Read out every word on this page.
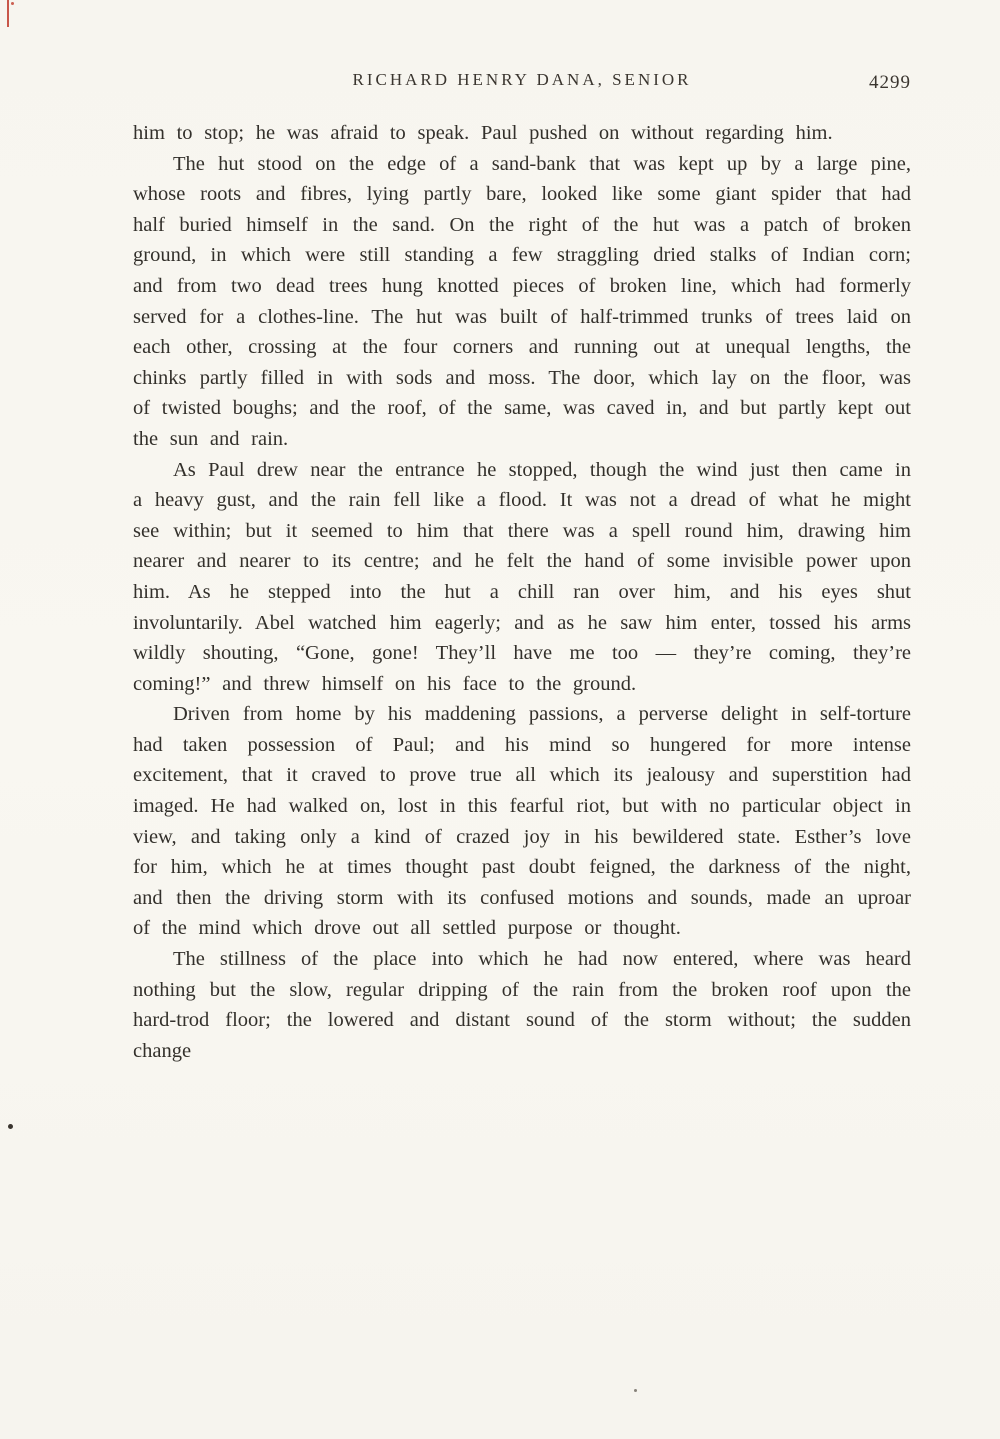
RICHARD HENRY DANA, SENIOR	4299

him to stop; he was afraid to speak. Paul pushed on without regarding him.

The hut stood on the edge of a sand-bank that was kept up by a large pine, whose roots and fibres, lying partly bare, looked like some giant spider that had half buried himself in the sand. On the right of the hut was a patch of broken ground, in which were still standing a few straggling dried stalks of Indian corn; and from two dead trees hung knotted pieces of broken line, which had formerly served for a clothes-line. The hut was built of half-trimmed trunks of trees laid on each other, crossing at the four corners and running out at unequal lengths, the chinks partly filled in with sods and moss. The door, which lay on the floor, was of twisted boughs; and the roof, of the same, was caved in, and but partly kept out the sun and rain.

As Paul drew near the entrance he stopped, though the wind just then came in a heavy gust, and the rain fell like a flood. It was not a dread of what he might see within; but it seemed to him that there was a spell round him, drawing him nearer and nearer to its centre; and he felt the hand of some invisible power upon him. As he stepped into the hut a chill ran over him, and his eyes shut involuntarily. Abel watched him eagerly; and as he saw him enter, tossed his arms wildly shouting, “Gone, gone! They’ll have me too — they’re coming, they’re coming!” and threw himself on his face to the ground.

Driven from home by his maddening passions, a perverse delight in self-torture had taken possession of Paul; and his mind so hungered for more intense excitement, that it craved to prove true all which its jealousy and superstition had imaged. He had walked on, lost in this fearful riot, but with no particular object in view, and taking only a kind of crazed joy in his bewildered state. Esther’s love for him, which he at times thought past doubt feigned, the darkness of the night, and then the driving storm with its confused motions and sounds, made an uproar of the mind which drove out all settled purpose or thought.

The stillness of the place into which he had now entered, where was heard nothing but the slow, regular dripping of the rain from the broken roof upon the hard-trod floor; the lowered and distant sound of the storm without; the sudden change
